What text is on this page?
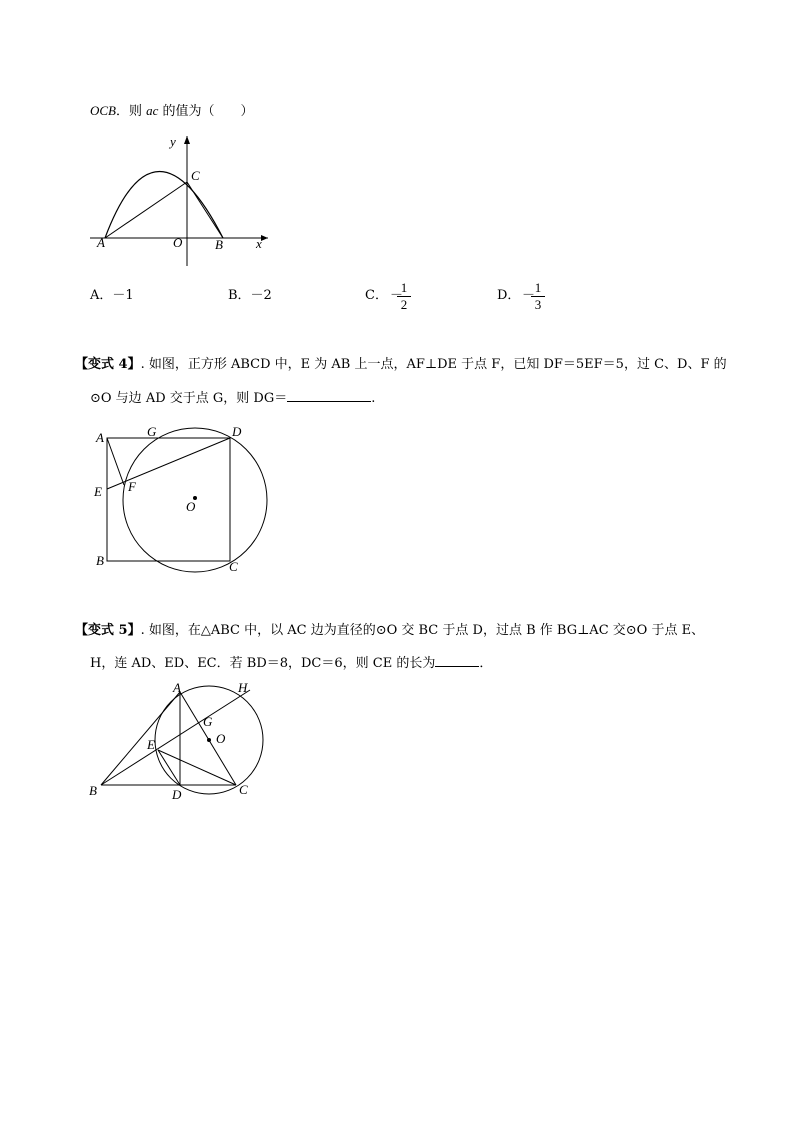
OCB．则 ac 的值为（　　）
y
C
A	O	B	x
A	G	D
E F
O
B	C
A	H
G
O
E
B	D	C
A．－1	B．－2	C． －
1
2
D． －
1
3
【变式 4】. 如图，正方形 ABCD 中，E 为 AB 上一点，AF⊥DE 于点 F，已知 DF＝5EF＝5，过 C、D、F 的
⊙O 与边 AD 交于点 G，则 DG＝	.
【变式 5】. 如图，在△ABC 中，以 AC 边为直径的⊙O 交 BC 于点 D，过点 B 作 BG⊥AC 交⊙O 于点 E、
H，连 AD、ED、EC．若 BD＝8，DC＝6，则 CE 的长为	．
